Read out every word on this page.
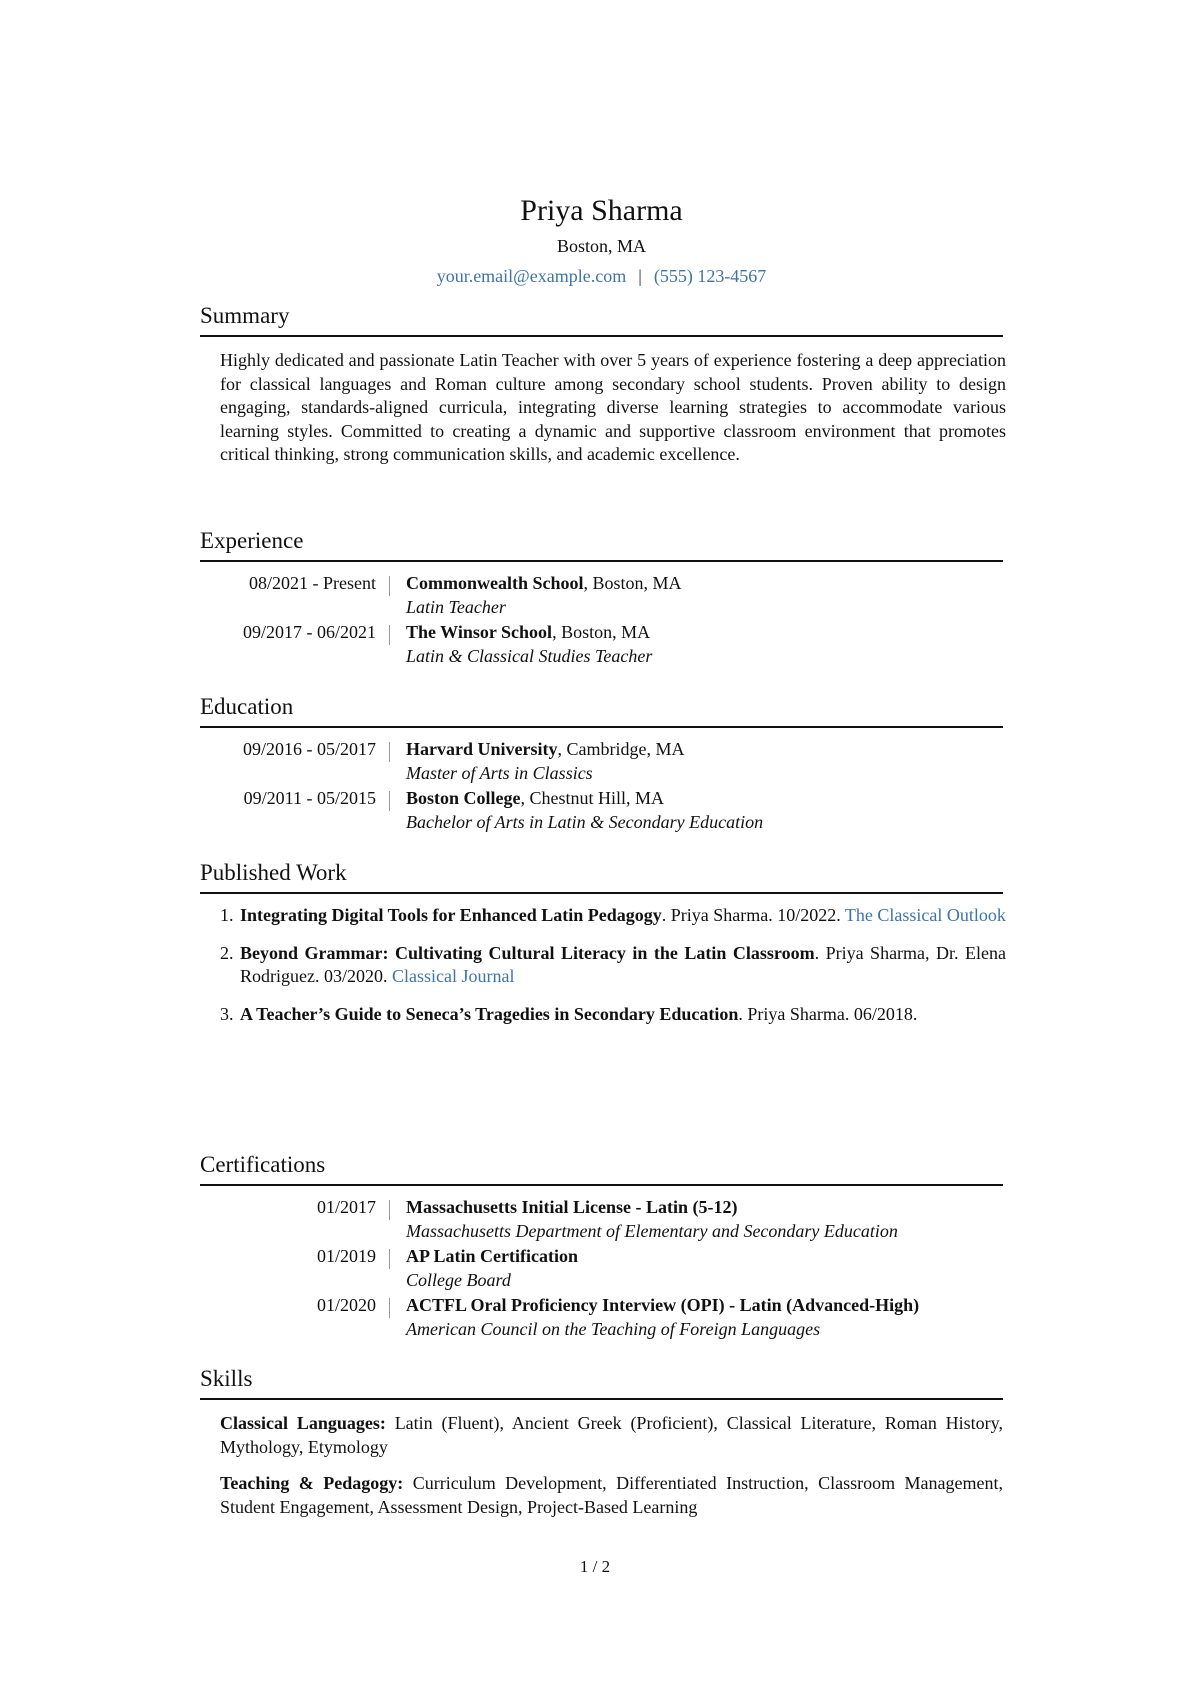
Priya Sharma
Boston, MA
your.email@example.com | (555) 123-4567
Summary
Highly dedicated and passionate Latin Teacher with over 5 years of experience fostering a deep appreciation for classical languages and Roman culture among secondary school students. Proven ability to design engaging, standards-aligned curricula, integrating diverse learning strategies to accommodate various learning styles. Committed to creating a dynamic and supportive classroom environment that promotes critical thinking, strong communication skills, and academic excellence.
Experience
08/2021 - Present	Commonwealth School, Boston, MA
Latin Teacher
09/2017 - 06/2021	The Winsor School, Boston, MA
Latin & Classical Studies Teacher
Education
09/2016 - 05/2017	Harvard University, Cambridge, MA
Master of Arts in Classics
09/2011 - 05/2015	Boston College, Chestnut Hill, MA
Bachelor of Arts in Latin & Secondary Education
Published Work
1. Integrating Digital Tools for Enhanced Latin Pedagogy. Priya Sharma. 10/2022. The Classical Outlook
2. Beyond Grammar: Cultivating Cultural Literacy in the Latin Classroom. Priya Sharma, Dr. Elena Rodriguez. 03/2020. Classical Journal
3. A Teacher’s Guide to Seneca’s Tragedies in Secondary Education. Priya Sharma. 06/2018.
Certifications
01/2017	Massachusetts Initial License - Latin (5-12)
Massachusetts Department of Elementary and Secondary Education
01/2019	AP Latin Certification
College Board
01/2020	ACTFL Oral Proficiency Interview (OPI) - Latin (Advanced-High)
American Council on the Teaching of Foreign Languages
Skills
Classical Languages: Latin (Fluent), Ancient Greek (Proficient), Classical Literature, Roman History, Mythology, Etymology
Teaching & Pedagogy: Curriculum Development, Differentiated Instruction, Classroom Management, Student Engagement, Assessment Design, Project-Based Learning
1 / 2
